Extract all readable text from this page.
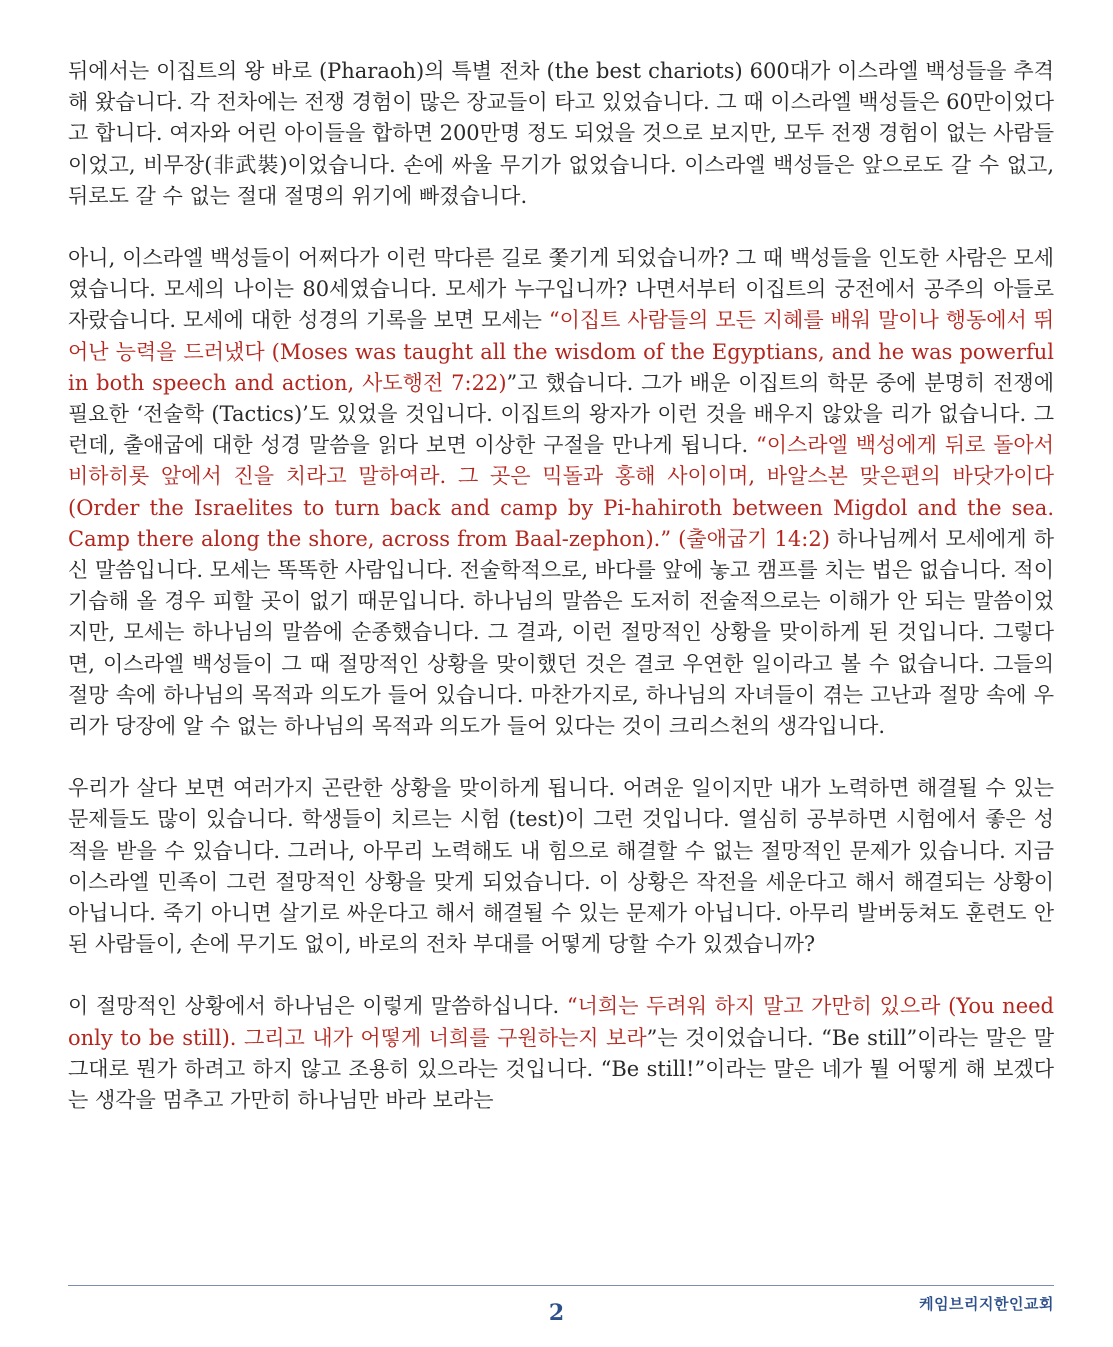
뒤에서는 이집트의 왕 바로 (Pharaoh)의 특별 전차 (the best chariots) 600대가 이스라엘 백성들을 추격해 왔습니다. 각 전차에는 전쟁 경험이 많은 장교들이 타고 있었습니다. 그 때 이스라엘 백성들은 60만이었다고 합니다. 여자와 어린 아이들을 합하면 200만명 정도 되었을 것으로 보지만, 모두 전쟁 경험이 없는 사람들이었고, 비무장(非武裝)이었습니다. 손에 싸울 무기가 없었습니다. 이스라엘 백성들은 앞으로도 갈 수 없고, 뒤로도 갈 수 없는 절대 절명의 위기에 빠졌습니다.

아니, 이스라엘 백성들이 어쩌다가 이런 막다른 길로 쫓기게 되었습니까? 그 때 백성들을 인도한 사람은 모세였습니다. 모세의 나이는 80세였습니다. 모세가 누구입니까? 나면서부터 이집트의 궁전에서 공주의 아들로 자랐습니다. 모세에 대한 성경의 기록을 보면 모세는 “이집트 사람들의 모든 지혜를 배워 말이나 행동에서 뛰어난 능력을 드러냈다 (Moses was taught all the wisdom of the Egyptians, and he was powerful in both speech and action, 사도행전 7:22)”고 했습니다. 그가 배운 이집트의 학문 중에 분명히 전쟁에 필요한 ‘전술학 (Tactics)’도 있었을 것입니다. 이집트의 왕자가 이런 것을 배우지 않았을 리가 없습니다. 그런데, 출애굽에 대한 성경 말씀을 읽다 보면 이상한 구절을 만나게 됩니다. “이스라엘 백성에게 뒤로 돌아서 비하히롯 앞에서 진을 치라고 말하여라. 그 곳은 믹돌과 홍해 사이이며, 바알스본 맞은편의 바닷가이다 (Order the Israelites to turn back and camp by Pi-hahiroth between Migdol and the sea. Camp there along the shore, across from Baal-zephon).” (출애굽기 14:2) 하나님께서 모세에게 하신 말씀입니다. 모세는 똑똑한 사람입니다. 전술학적으로, 바다를 앞에 놓고 캠프를 치는 법은 없습니다. 적이 기습해 올 경우 피할 곳이 없기 때문입니다. 하나님의 말씀은 도저히 전술적으로는 이해가 안 되는 말씀이었지만, 모세는 하나님의 말씀에 순종했습니다. 그 결과, 이런 절망적인 상황을 맞이하게 된 것입니다. 그렇다면, 이스라엘 백성들이 그 때 절망적인 상황을 맞이했던 것은 결코 우연한 일이라고 볼 수 없습니다. 그들의 절망 속에 하나님의 목적과 의도가 들어 있습니다. 마찬가지로, 하나님의 자녀들이 겪는 고난과 절망 속에 우리가 당장에 알 수 없는 하나님의 목적과 의도가 들어 있다는 것이 크리스천의 생각입니다.

우리가 살다 보면 여러가지 곤란한 상황을 맞이하게 됩니다. 어려운 일이지만 내가 노력하면 해결될 수 있는 문제들도 많이 있습니다. 학생들이 치르는 시험 (test)이 그런 것입니다. 열심히 공부하면 시험에서 좋은 성적을 받을 수 있습니다. 그러나, 아무리 노력해도 내 힘으로 해결할 수 없는 절망적인 문제가 있습니다. 지금 이스라엘 민족이 그런 절망적인 상황을 맞게 되었습니다. 이 상황은 작전을 세운다고 해서 해결되는 상황이 아닙니다. 죽기 아니면 살기로 싸운다고 해서 해결될 수 있는 문제가 아닙니다. 아무리 발버둥쳐도 훈련도 안 된 사람들이, 손에 무기도 없이, 바로의 전차 부대를 어떻게 당할 수가 있겠습니까?

이 절망적인 상황에서 하나님은 이렇게 말씀하십니다. “너희는 두려워 하지 말고 가만히 있으라 (You need only to be still). 그리고 내가 어떻게 너희를 구원하는지 보라”는 것이었습니다. “Be still”이라는 말은 말 그대로 뭔가 하려고 하지 않고 조용히 있으라는 것입니다. “Be still!”이라는 말은 네가 뭘 어떻게 해 보겠다는 생각을 멈추고 가만히 하나님만 바라 보라는

케임브리지한인교회
2
